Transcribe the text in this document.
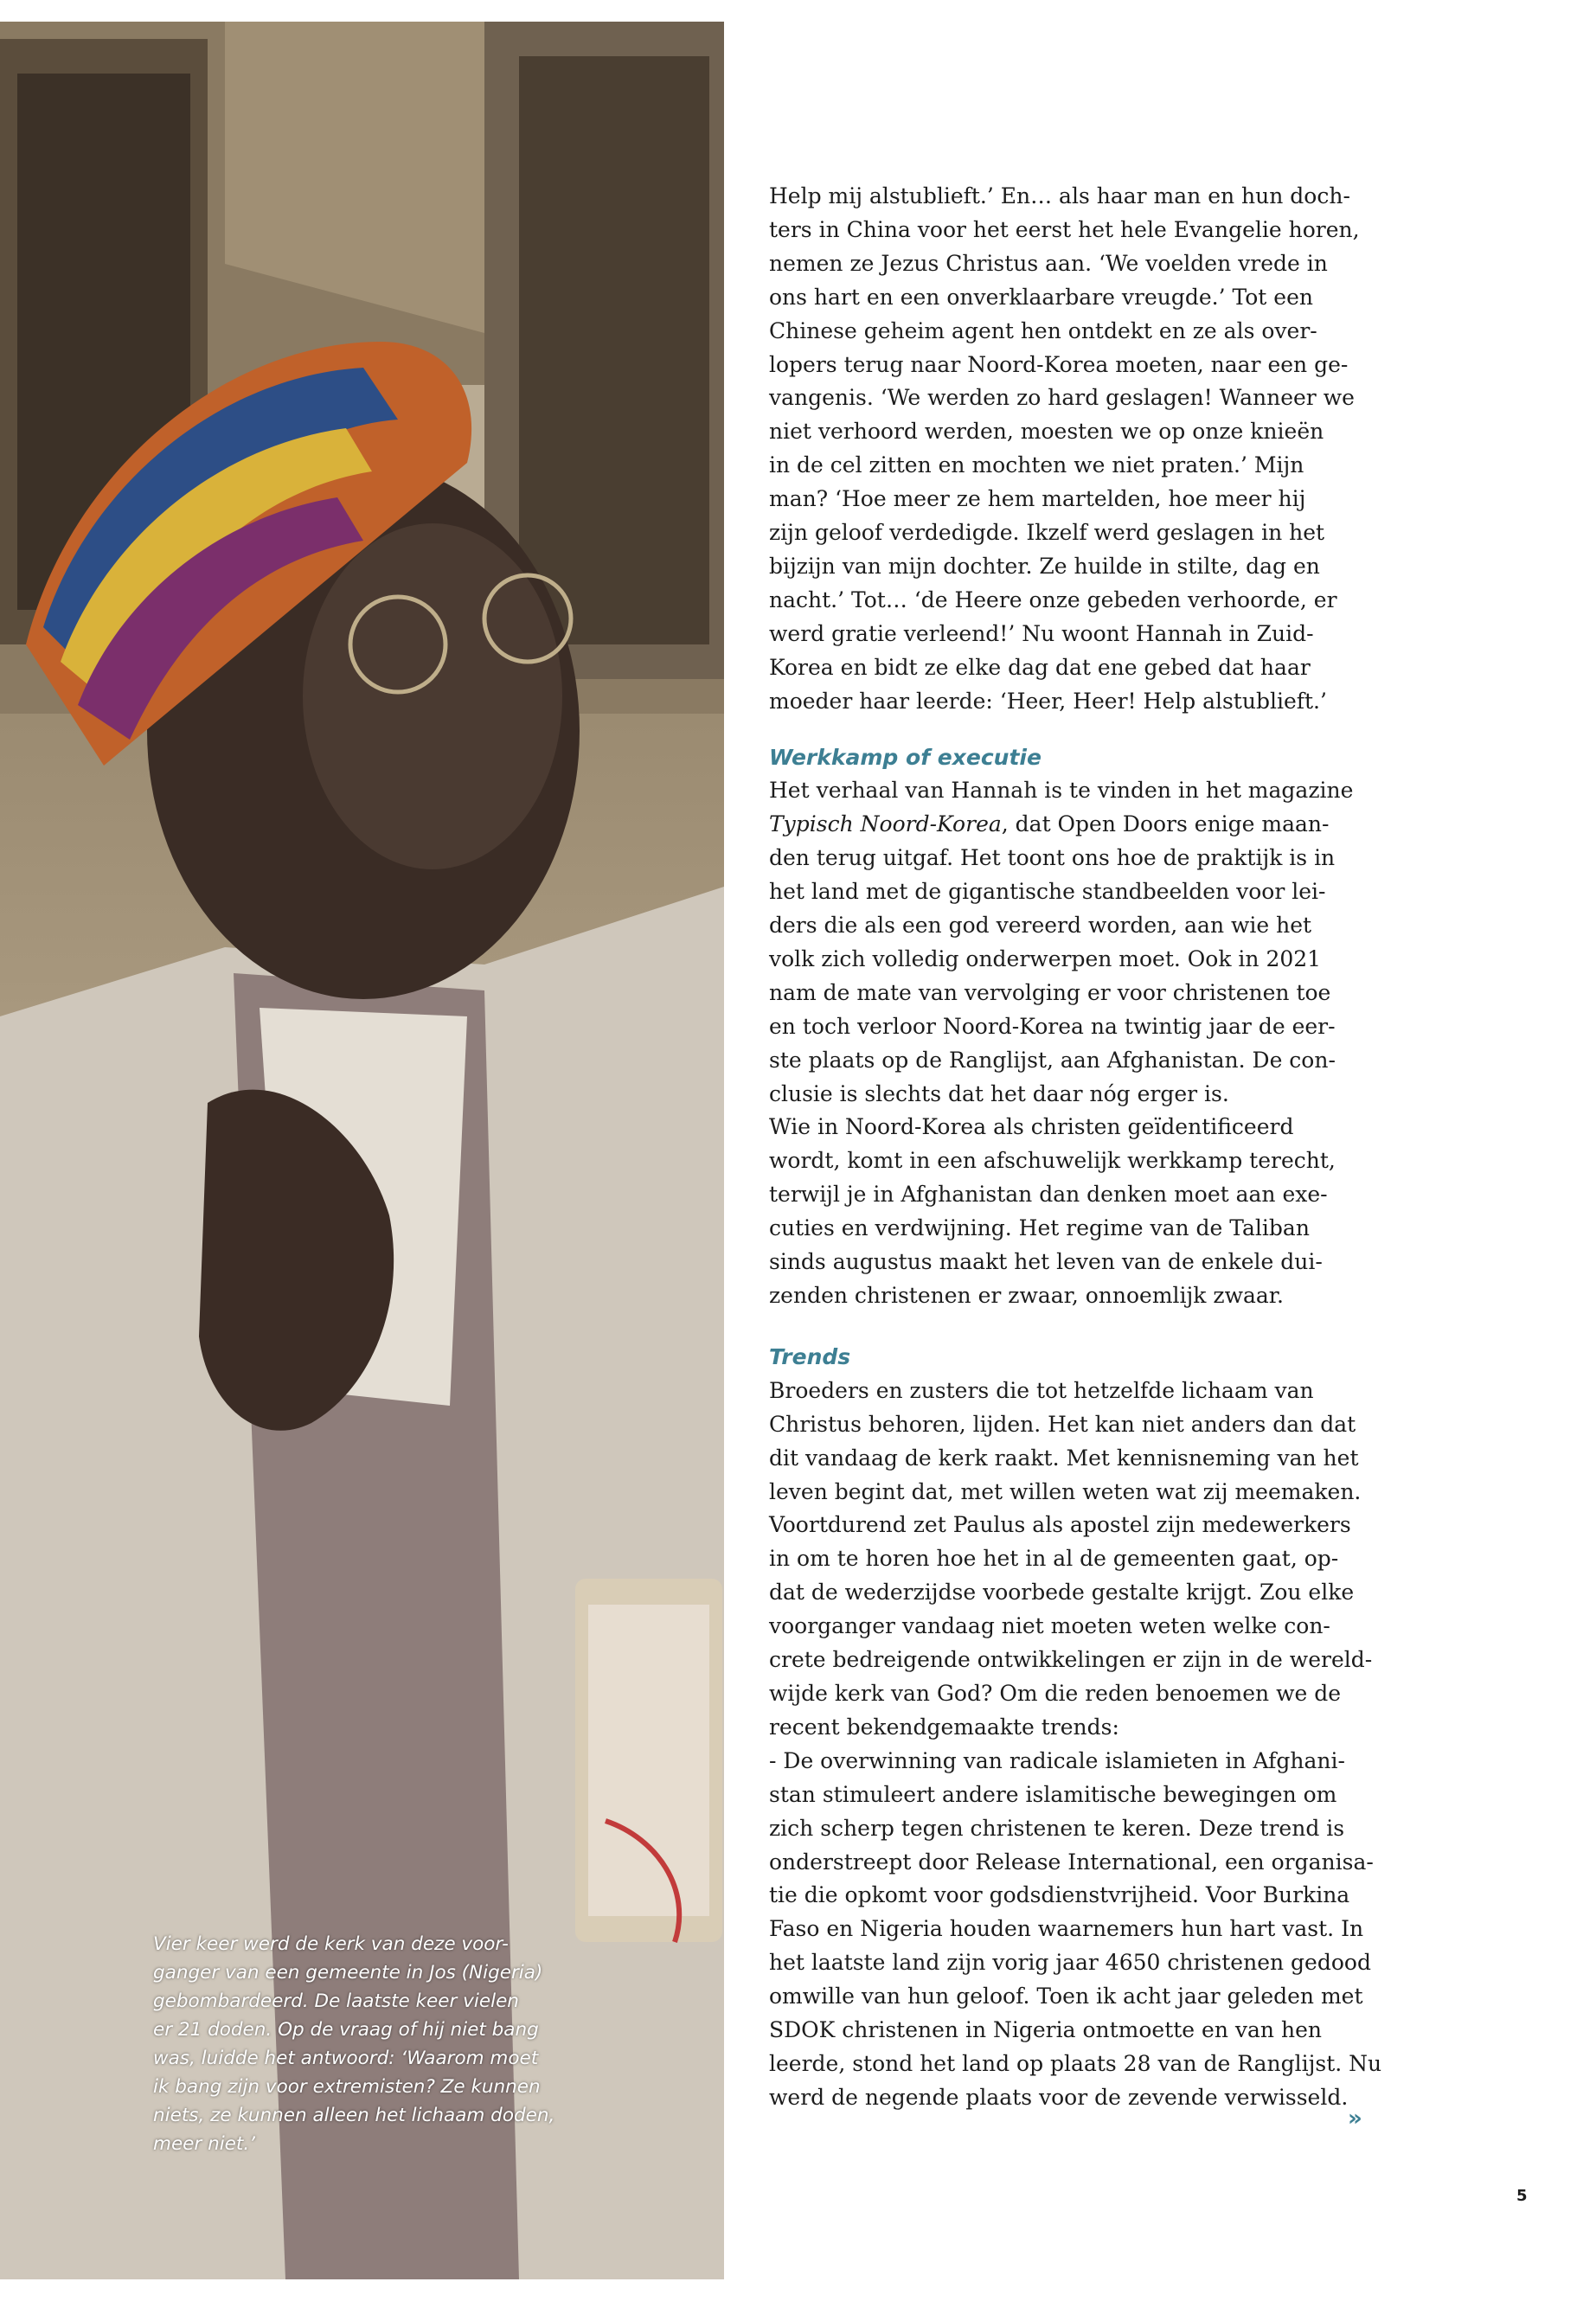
Vier keer werd de kerk van deze voor-
ganger van een gemeente in Jos (Nigeria)
gebombardeerd. De laatste keer vielen
er 21 doden. Op de vraag of hij niet bang
was, luidde het antwoord: ‘Waarom moet
ik bang zijn voor extremisten? Ze kunnen
niets, ze kunnen alleen het lichaam doden,
meer niet.’
Help mij alstublieft.’ En… als haar man en hun doch-
ters in China voor het eerst het hele Evangelie horen,
nemen ze Jezus Christus aan. ‘We voelden vrede in
ons hart en een onverklaarbare vreugde.’ Tot een
Chinese geheim agent hen ontdekt en ze als over-
lopers terug naar Noord-Korea moeten, naar een ge-
vangenis. ‘We werden zo hard geslagen! Wanneer we
niet verhoord werden, moesten we op onze knieën
in de cel zitten en mochten we niet praten.’ Mijn
man? ‘Hoe meer ze hem martelden, hoe meer hij
zijn geloof verdedigde. Ikzelf werd geslagen in het
bijzijn van mijn dochter. Ze huilde in stilte, dag en
nacht.’ Tot… ‘de Heere onze gebeden verhoorde, er
werd gratie verleend!’ Nu woont Hannah in Zuid-
Korea en bidt ze elke dag dat ene gebed dat haar
moeder haar leerde: ‘Heer, Heer! Help alstublieft.’
Werkkamp of executie
Het verhaal van Hannah is te vinden in het magazine
Typisch Noord-Korea, dat Open Doors enige maan-
den terug uitgaf. Het toont ons hoe de praktijk is in
het land met de gigantische standbeelden voor lei-
ders die als een god vereerd worden, aan wie het
volk zich volledig onderwerpen moet. Ook in 2021
nam de mate van vervolging er voor christenen toe
en toch verloor Noord-Korea na twintig jaar de eer-
ste plaats op de Ranglijst, aan Afghanistan. De con-
clusie is slechts dat het daar nóg erger is.
Wie in Noord-Korea als christen geïdentificeerd
wordt, komt in een afschuwelijk werkkamp terecht,
terwijl je in Afghanistan dan denken moet aan exe-
cuties en verdwijning. Het regime van de Taliban
sinds augustus maakt het leven van de enkele dui-
zenden christenen er zwaar, onnoemlijk zwaar.
Trends
Broeders en zusters die tot hetzelfde lichaam van
Christus behoren, lijden. Het kan niet anders dan dat
dit vandaag de kerk raakt. Met kennisneming van het
leven begint dat, met willen weten wat zij meemaken.
Voortdurend zet Paulus als apostel zijn medewerkers
in om te horen hoe het in al de gemeenten gaat, op-
dat de wederzijdse voorbede gestalte krijgt. Zou elke
voorganger vandaag niet moeten weten welke con-
crete bedreigende ontwikkelingen er zijn in de wereld-
wijde kerk van God? Om die reden benoemen we de
recent bekendgemaakte trends:
- De overwinning van radicale islamieten in Afghani-
stan stimuleert andere islamitische bewegingen om
zich scherp tegen christenen te keren. Deze trend is
onderstreept door Release International, een organisa-
tie die opkomt voor godsdienstvrijheid. Voor Burkina
Faso en Nigeria houden waarnemers hun hart vast. In
het laatste land zijn vorig jaar 4650 christenen gedood
omwille van hun geloof. Toen ik acht jaar geleden met
SDOK christenen in Nigeria ontmoette en van hen
leerde, stond het land op plaats 28 van de Ranglijst. Nu
werd de negende plaats voor de zevende verwisseld.
»
5
